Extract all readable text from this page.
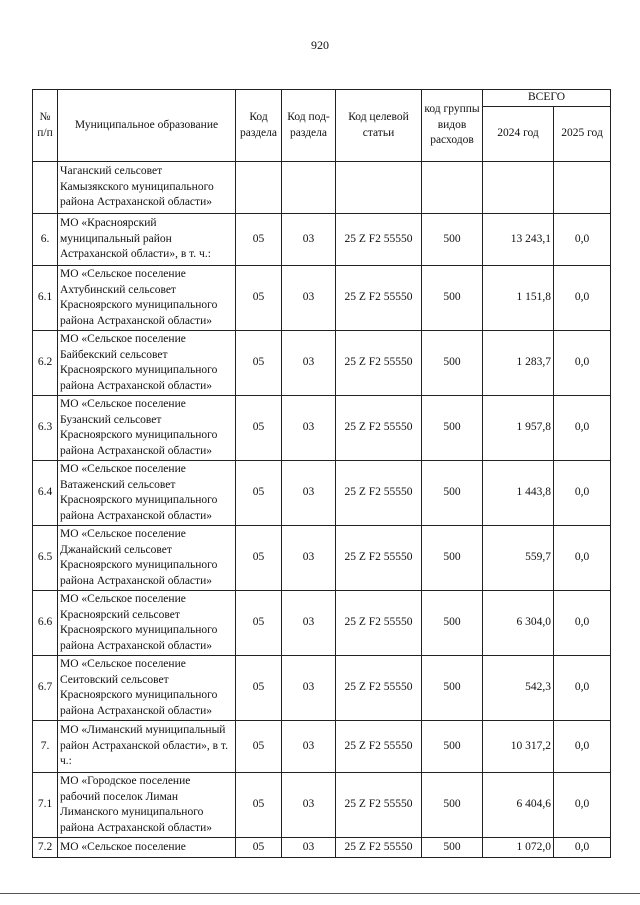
920
№ п/п	Муниципальное образование	Код раздела	Код под-раздела	Код целевой статьи	код группы видов расходов	ВСЕГО	
						2024 год	2025 год
	Чаганский сельсовет Камызякского муниципального района Астраханской области»						
6.	МО «Красноярский муниципальный район Астраханской области», в т. ч.:	05	03	25 Z F2 55550	500	13 243,1	0,0
6.1	МО «Сельское поселение Ахтубинский сельсовет Красноярского муниципального района Астраханской области»	05	03	25 Z F2 55550	500	1 151,8	0,0
6.2	МО «Сельское поселение Байбекский сельсовет Красноярского муниципального района Астраханской области»	05	03	25 Z F2 55550	500	1 283,7	0,0
6.3	МО «Сельское поселение Бузанский сельсовет Красноярского муниципального района Астраханской области»	05	03	25 Z F2 55550	500	1 957,8	0,0
6.4	МО «Сельское поселение Ватаженский сельсовет Красноярского муниципального района Астраханской области»	05	03	25 Z F2 55550	500	1 443,8	0,0
6.5	МО «Сельское поселение Джанайский сельсовет Красноярского муниципального района Астраханской области»	05	03	25 Z F2 55550	500	559,7	0,0
6.6	МО «Сельское поселение Красноярский сельсовет Красноярского муниципального района Астраханской области»	05	03	25 Z F2 55550	500	6 304,0	0,0
6.7	МО «Сельское поселение Сеитовский сельсовет Красноярского муниципального района Астраханской области»	05	03	25 Z F2 55550	500	542,3	0,0
7.	МО «Лиманский муниципальный район Астраханской области», в т. ч.:	05	03	25 Z F2 55550	500	10 317,2	0,0
7.1	МО «Городское поселение рабочий поселок Лиман Лиманского муниципального района Астраханской области»	05	03	25 Z F2 55550	500	6 404,6	0,0
7.2	МО «Сельское поселение	05	03	25 Z F2 55550	500	1 072,0	0,0
